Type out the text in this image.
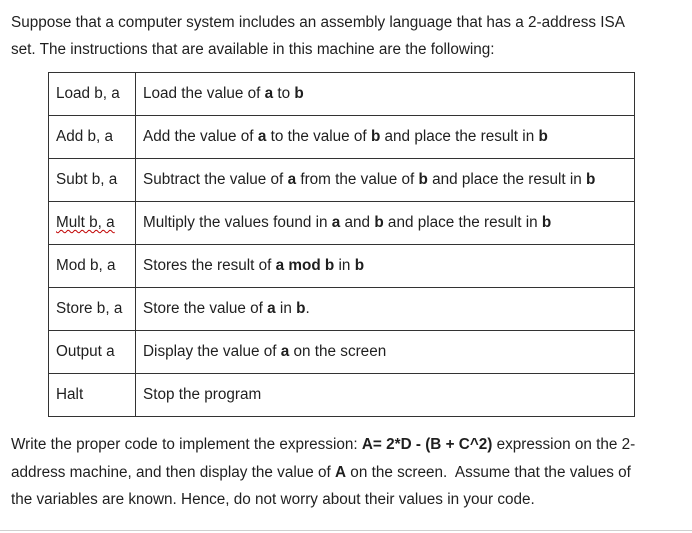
Suppose that a computer system includes an assembly language that has a 2-address ISA
set. The instructions that are available in this machine are the following:
Load b, a	Load the value of a to b
Add b, a	Add the value of a to the value of b and place the result in b
Subt b, a	Subtract the value of a from the value of b and place the result in b
Mult b, a	Multiply the values found in a and b and place the result in b
Mod b, a	Stores the result of a mod b in b
Store b, a	Store the value of a in b.
Output a	Display the value of a on the screen
Halt	Stop the program
Write the proper code to implement the expression: A= 2*D - (B + C^2) expression on the 2-
address machine, and then display the value of A on the screen.  Assume that the values of
the variables are known. Hence, do not worry about their values in your code.
